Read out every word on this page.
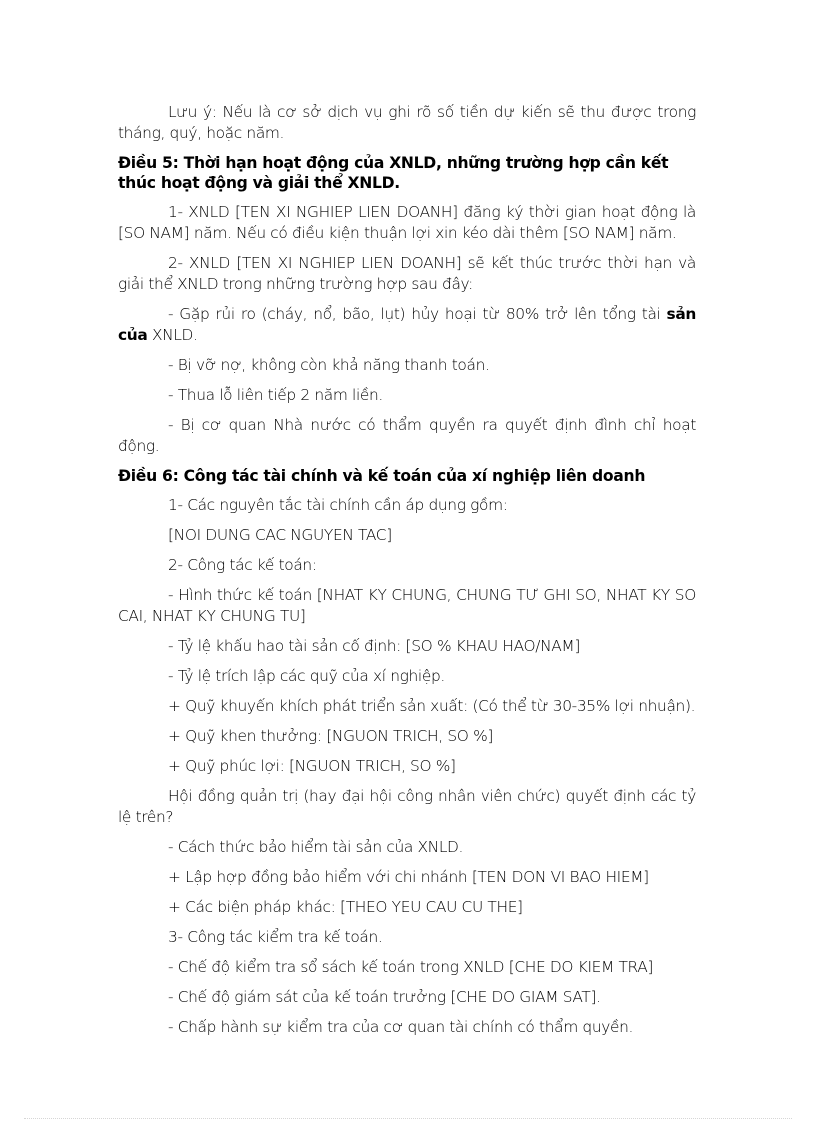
Lưu ý: Nếu là cơ sở dịch vụ ghi rõ số tiền dự kiến sẽ thu được trong tháng, quý, hoặc năm.
Điều 5: Thời hạn hoạt động của XNLD, những trường hợp cần kết thúc hoạt động và giải thể XNLD.
1- XNLD [TEN XI NGHIEP LIEN DOANH] đăng ký thời gian hoạt động là [SO NAM] năm. Nếu có điều kiện thuận lợi xin kéo dài thêm [SO NAM] năm.
2- XNLD [TEN XI NGHIEP LIEN DOANH] sẽ kết thúc trước thời hạn và giải thể XNLD trong những trường hợp sau đây:
- Gặp rủi ro (cháy, nổ, bão, lụt) hủy hoại từ 80% trở lên tổng tài sản của XNLD.
- Bị vỡ nợ, không còn khả năng thanh toán.
- Thua lỗ liên tiếp 2 năm liền.
- Bị cơ quan Nhà nước có thẩm quyền ra quyết định đình chỉ hoạt động.
Điều 6: Công tác tài chính và kế toán của xí nghiệp liên doanh
1- Các nguyên tắc tài chính cần áp dụng gồm:
[NOI DUNG CAC NGUYEN TAC]
2- Công tác kế toán:
- Hình thức kế toán [NHAT KY CHUNG, CHUNG TƯ GHI SO, NHAT KY SO CAI, NHAT KY CHUNG TU]
- Tỷ lệ khấu hao tài sản cố định: [SO % KHAU HAO/NAM]
- Tỷ lệ trích lập các quỹ của xí nghiệp.
+ Quỹ khuyến khích phát triển sản xuất: (Có thể từ 30-35% lợi nhuận).
+ Quỹ khen thưởng: [NGUON TRICH, SO %]
+ Quỹ phúc lợi: [NGUON TRICH, SO %]
Hội đồng quản trị (hay đại hội công nhân viên chức) quyết định các tỷ lệ trên?
- Cách thức bảo hiểm tài sản của XNLD.
+ Lập hợp đồng bảo hiểm với chi nhánh [TEN DON VI BAO HIEM]
+ Các biện pháp khác: [THEO YEU CAU CU THE]
3- Công tác kiểm tra kế toán.
- Chế độ kiểm tra sổ sách kế toán trong XNLD [CHE DO KIEM TRA]
- Chế độ giám sát của kế toán trưởng [CHE DO GIAM SAT].
- Chấp hành sự kiểm tra của cơ quan tài chính có thẩm quyền.
